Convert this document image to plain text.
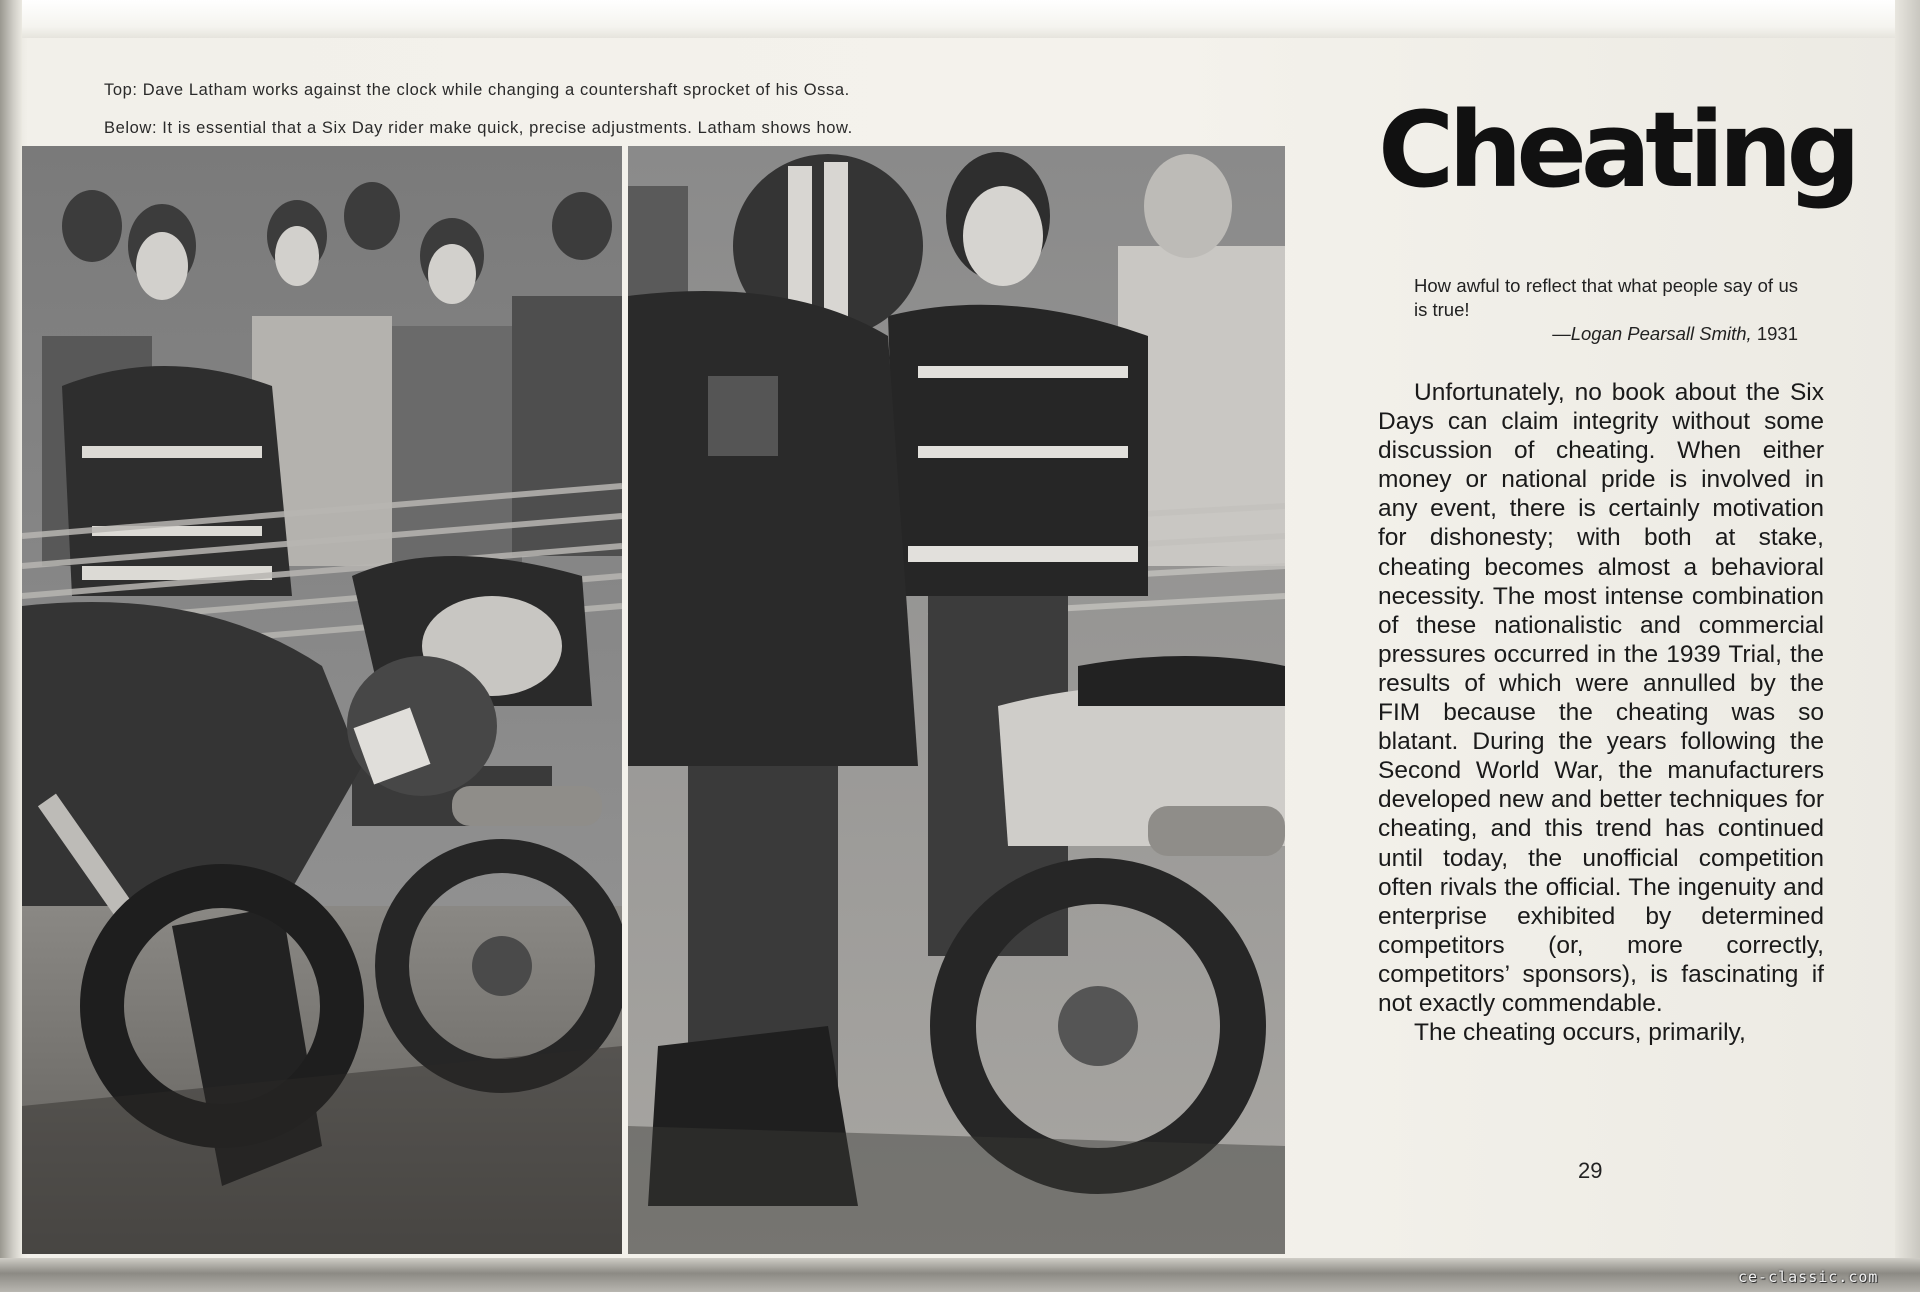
Top: Dave Latham works against the clock while changing a countershaft sprocket of his Ossa.
Below: It is essential that a Six Day rider make quick, precise adjustments. Latham shows how.	Cheating
How awful to reflect that what people say of us is true!
—Logan Pearsall Smith, 1931

Unfortunately, no book about the Six Days can claim integrity without some discussion of cheating. When either money or national pride is involved in any event, there is certainly motivation for dishonesty; with both at stake, cheating becomes almost a behavioral necessity. The most intense combination of these nationalistic and commercial pressures occurred in the 1939 Trial, the results of which were annulled by the FIM because the cheating was so blatant. During the years following the Second World War, the manufacturers developed new and better techniques for cheating, and this trend has continued until today, the unofficial competition often rivals the official. The ingenuity and enterprise exhibited by determined competitors (or, more correctly, competitors’ sponsors), is fascinating if not exactly commendable.

The cheating occurs, primarily,

29
ce-classic.com
